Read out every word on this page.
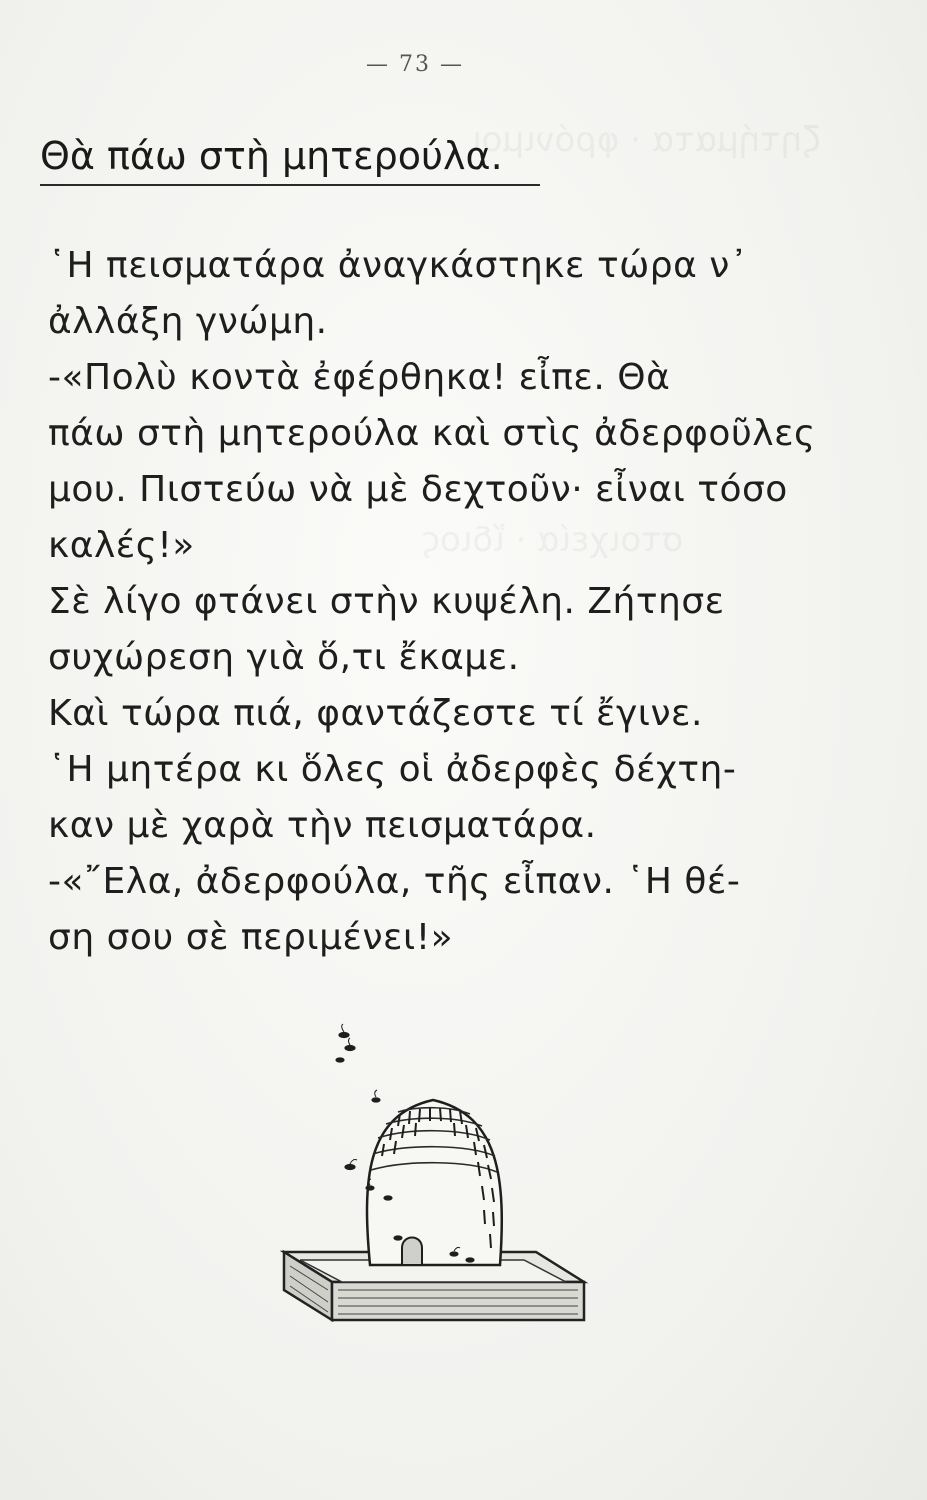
ζητήματα · φρόνιμοι
στοιχεία · ἴδιος
— 73 —
Θὰ πάω στὴ μητερούλα.
῾Η πεισματάρα ἀναγκάστηκε τώρα ν᾽
ἀλλάξη γνώμη.
-«Πολὺ κοντὰ ἐφέρθηκα! εἶπε. Θὰ
πάω στὴ μητερούλα καὶ στὶς ἀδερφοῦλες
μου. Πιστεύω νὰ μὲ δεχτοῦν· εἶναι τόσο
καλές!»
Σὲ λίγο φτάνει στὴν κυψέλη. Ζήτησε
συχώρεση γιὰ ὅ,τι ἔκαμε.
Καὶ τώρα πιά, φαντάζεστε τί ἔγινε.
῾Η μητέρα κι ὅλες οἱ ἀδερφὲς δέχτη-
καν μὲ χαρὰ τὴν πεισματάρα.
-«῎Ελα, ἀδερφούλα, τῆς εἶπαν. ῾Η θέ-
ση σου σὲ περιμένει!»
